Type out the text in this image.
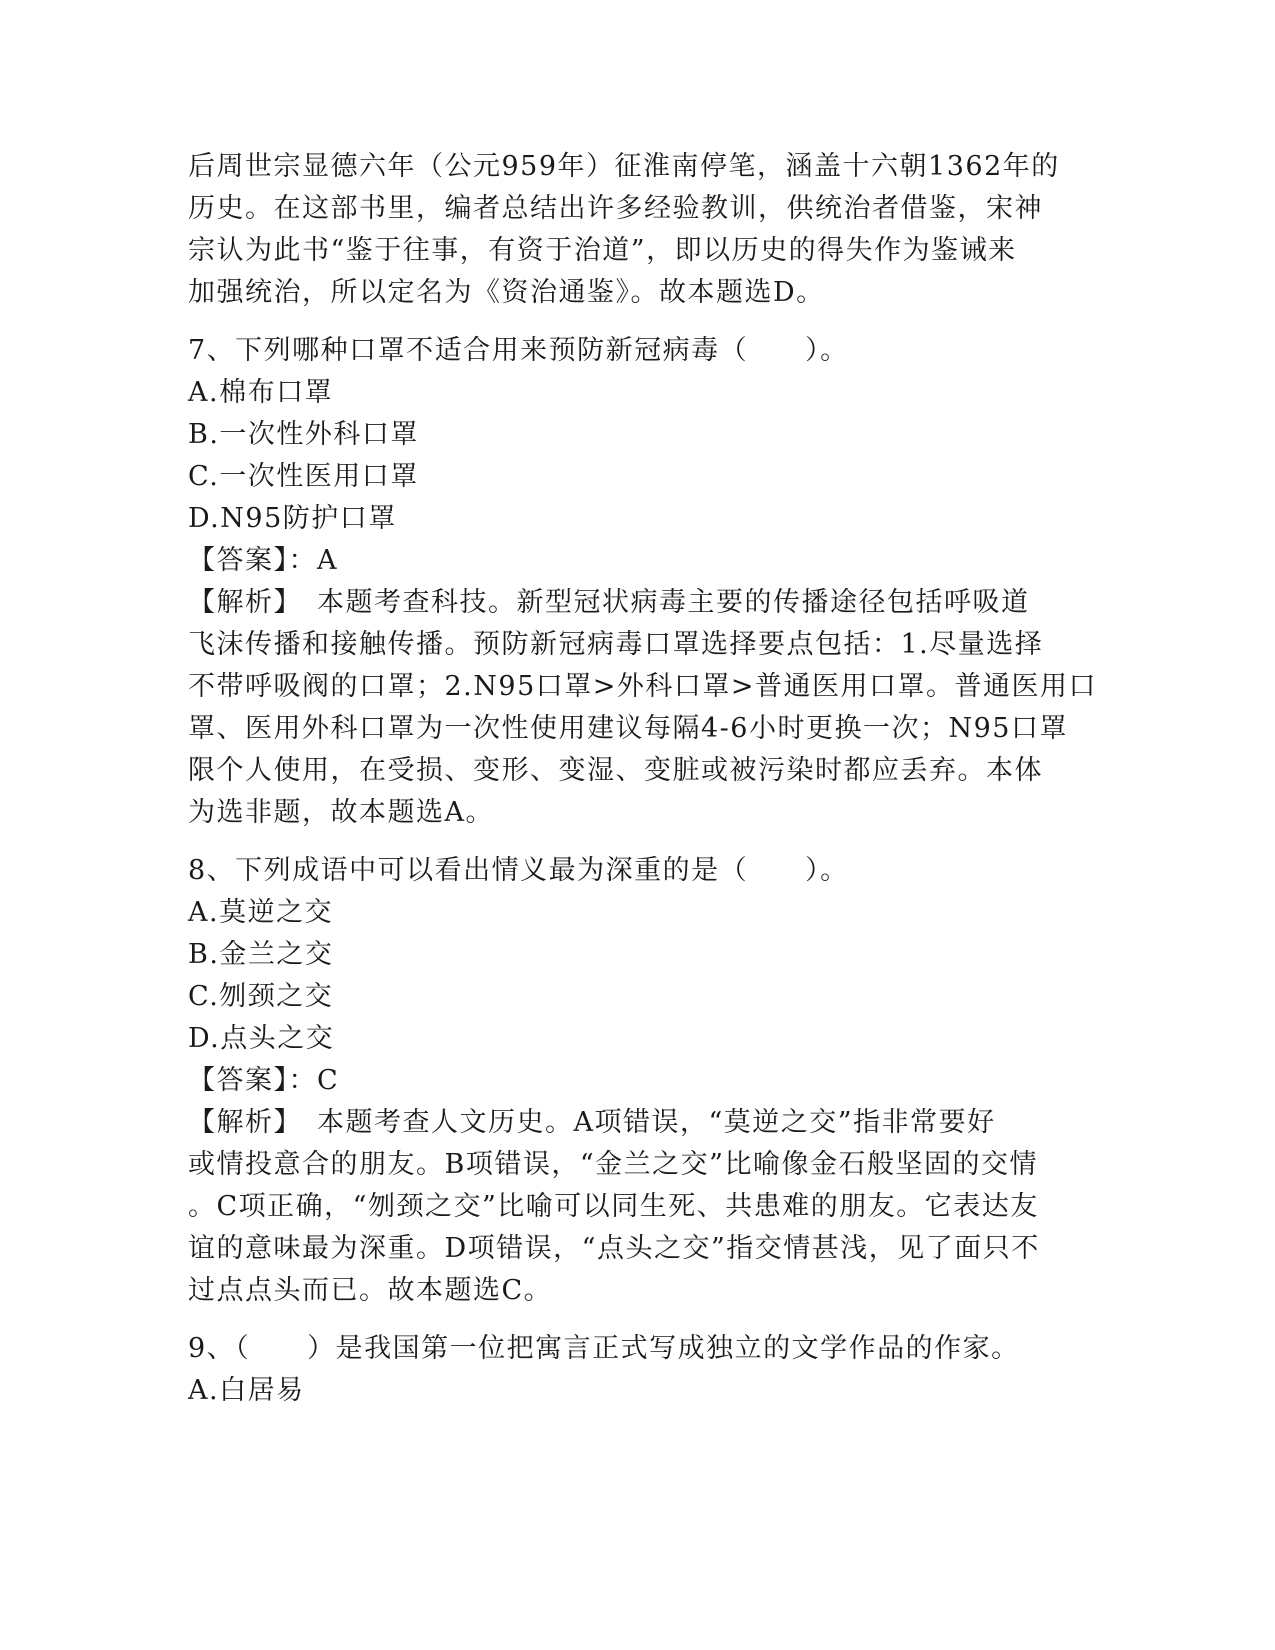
后周世宗显德六年（公元959年）征淮南停笔，涵盖十六朝1362年的
历史。在这部书里，编者总结出许多经验教训，供统治者借鉴，宋神
宗认为此书“鉴于往事，有资于治道”，即以历史的得失作为鉴诫来
加强统治，所以定名为《资治通鉴》。故本题选D。
7、下列哪种口罩不适合用来预防新冠病毒（　　）。
A.棉布口罩
B.一次性外科口罩
C.一次性医用口罩
D.N95防护口罩
【答案】：A
【解析】　本题考查科技。新型冠状病毒主要的传播途径包括呼吸道
飞沫传播和接触传播。预防新冠病毒口罩选择要点包括：1.尽量选择
不带呼吸阀的口罩；2.N95口罩>外科口罩>普通医用口罩。普通医用口
罩、医用外科口罩为一次性使用建议每隔4-6小时更换一次；N95口罩
限个人使用，在受损、变形、变湿、变脏或被污染时都应丢弃。本体
为选非题，故本题选A。
8、下列成语中可以看出情义最为深重的是（　　）。
A.莫逆之交
B.金兰之交
C.刎颈之交
D.点头之交
【答案】：C
【解析】　本题考查人文历史。A项错误，“莫逆之交”指非常要好
或情投意合的朋友。B项错误，“金兰之交”比喻像金石般坚固的交情
。C项正确，“刎颈之交”比喻可以同生死、共患难的朋友。它表达友
谊的意味最为深重。D项错误，“点头之交”指交情甚浅，见了面只不
过点点头而已。故本题选C。
9、（　　）是我国第一位把寓言正式写成独立的文学作品的作家。
A.白居易
